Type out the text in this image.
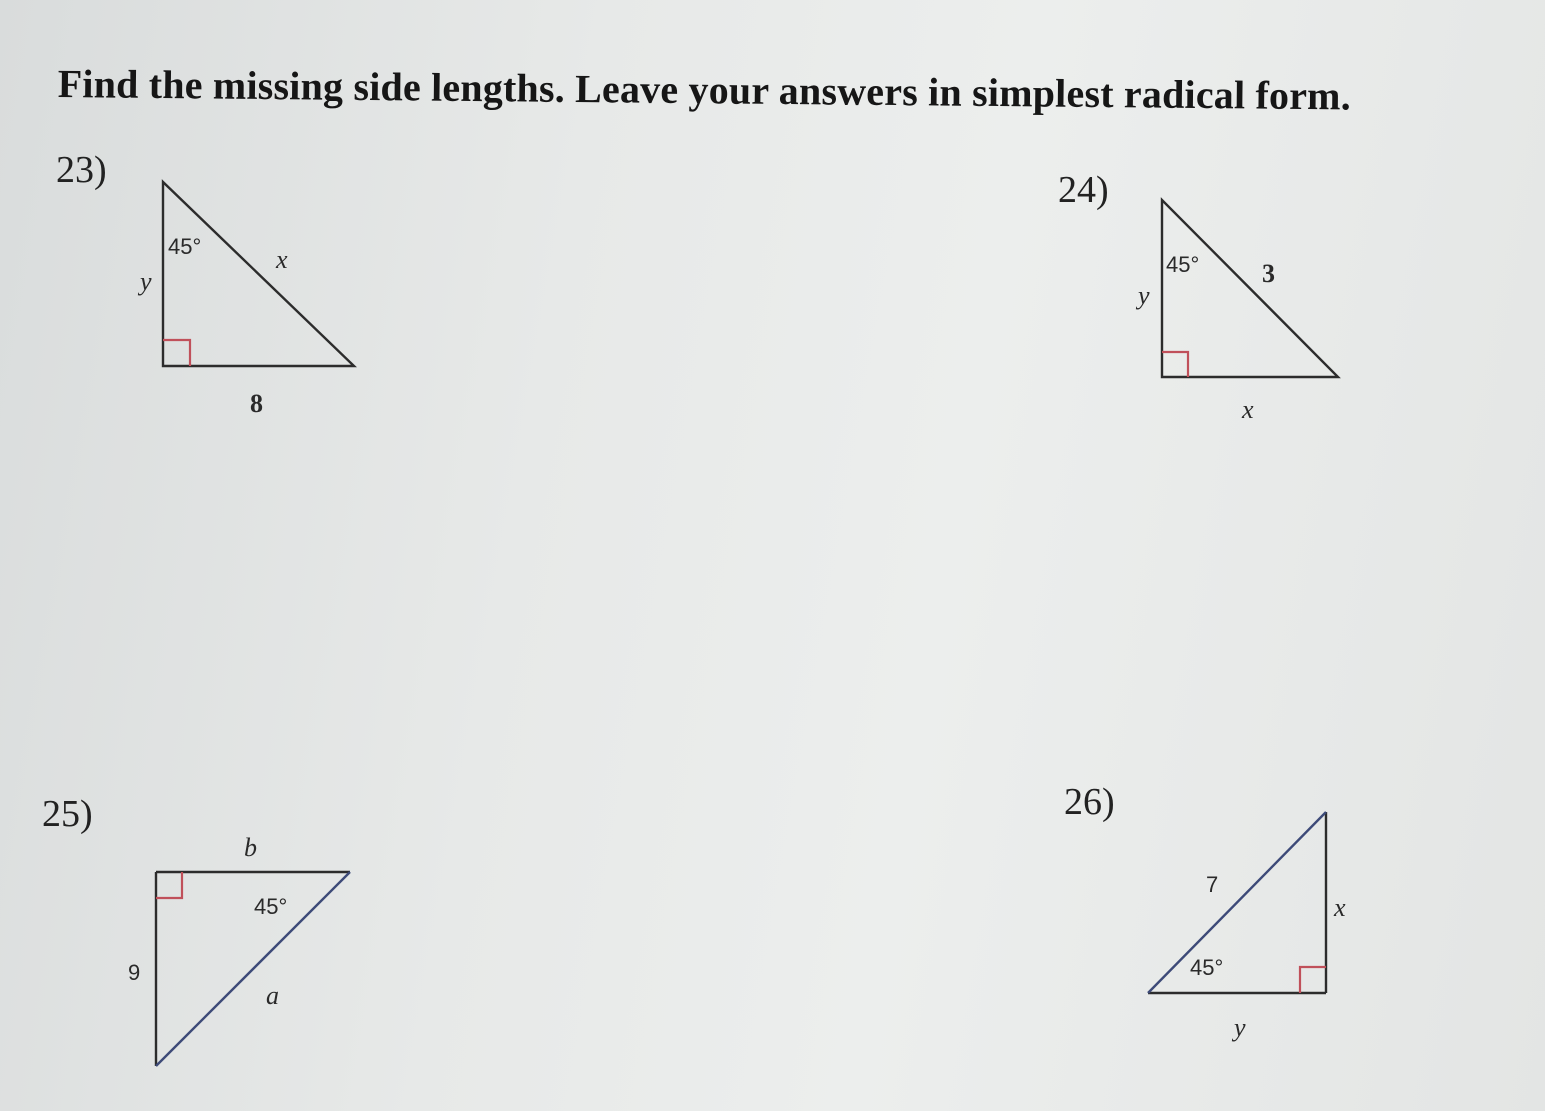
Find the missing side lengths. Leave your answers in simplest radical form.
23)
45°	x
y
8
24)
45° 3
y
x
25)
45°
b
9
a
26)
45°
7
x
y
